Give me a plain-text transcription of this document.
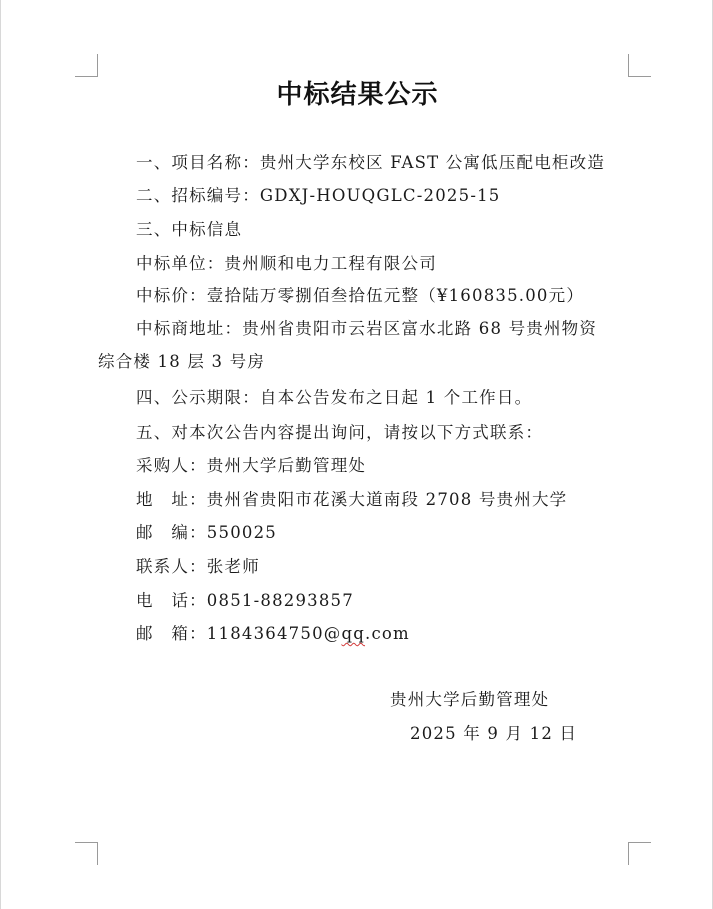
中标结果公示
一、项目名称：贵州大学东校区 FAST 公寓低压配电柜改造
二、招标编号：GDXJ-HOUQGLC-2025-15
三、中标信息
中标单位：贵州顺和电力工程有限公司
中标价：壹拾陆万零捌佰叁拾伍元整（¥160835.00元）
中标商地址：贵州省贵阳市云岩区富水北路 68 号贵州物资
综合楼 18 层 3 号房
四、公示期限：自本公告发布之日起 1 个工作日。
五、对本次公告内容提出询问，请按以下方式联系：
采购人：贵州大学后勤管理处
地　址：贵州省贵阳市花溪大道南段 2708 号贵州大学
邮　编：550025
联系人：张老师
电　话：0851-88293857
邮　箱：1184364750@qq.com
贵州大学后勤管理处
2025 年 9 月 12 日
